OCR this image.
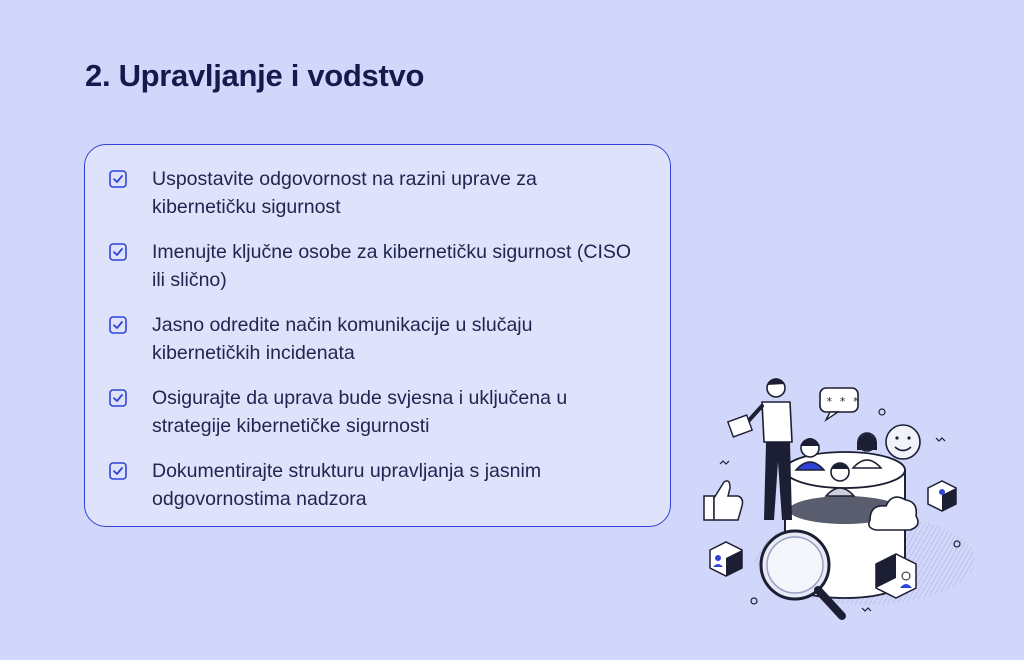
2. Upravljanje i vodstvo
Uspostavite odgovornost na razini uprave za kibernetičku sigurnost
Imenujte ključne osobe za kibernetičku sigurnost (CISO ili slično)
Jasno odredite način komunikacije u slučaju kibernetičkih incidenata
Osigurajte da uprava bude svjesna i uključena u strategije kibernetičke sigurnosti
Dokumentirajte strukturu upravljanja s jasnim odgovornostima nadzora
* * *
